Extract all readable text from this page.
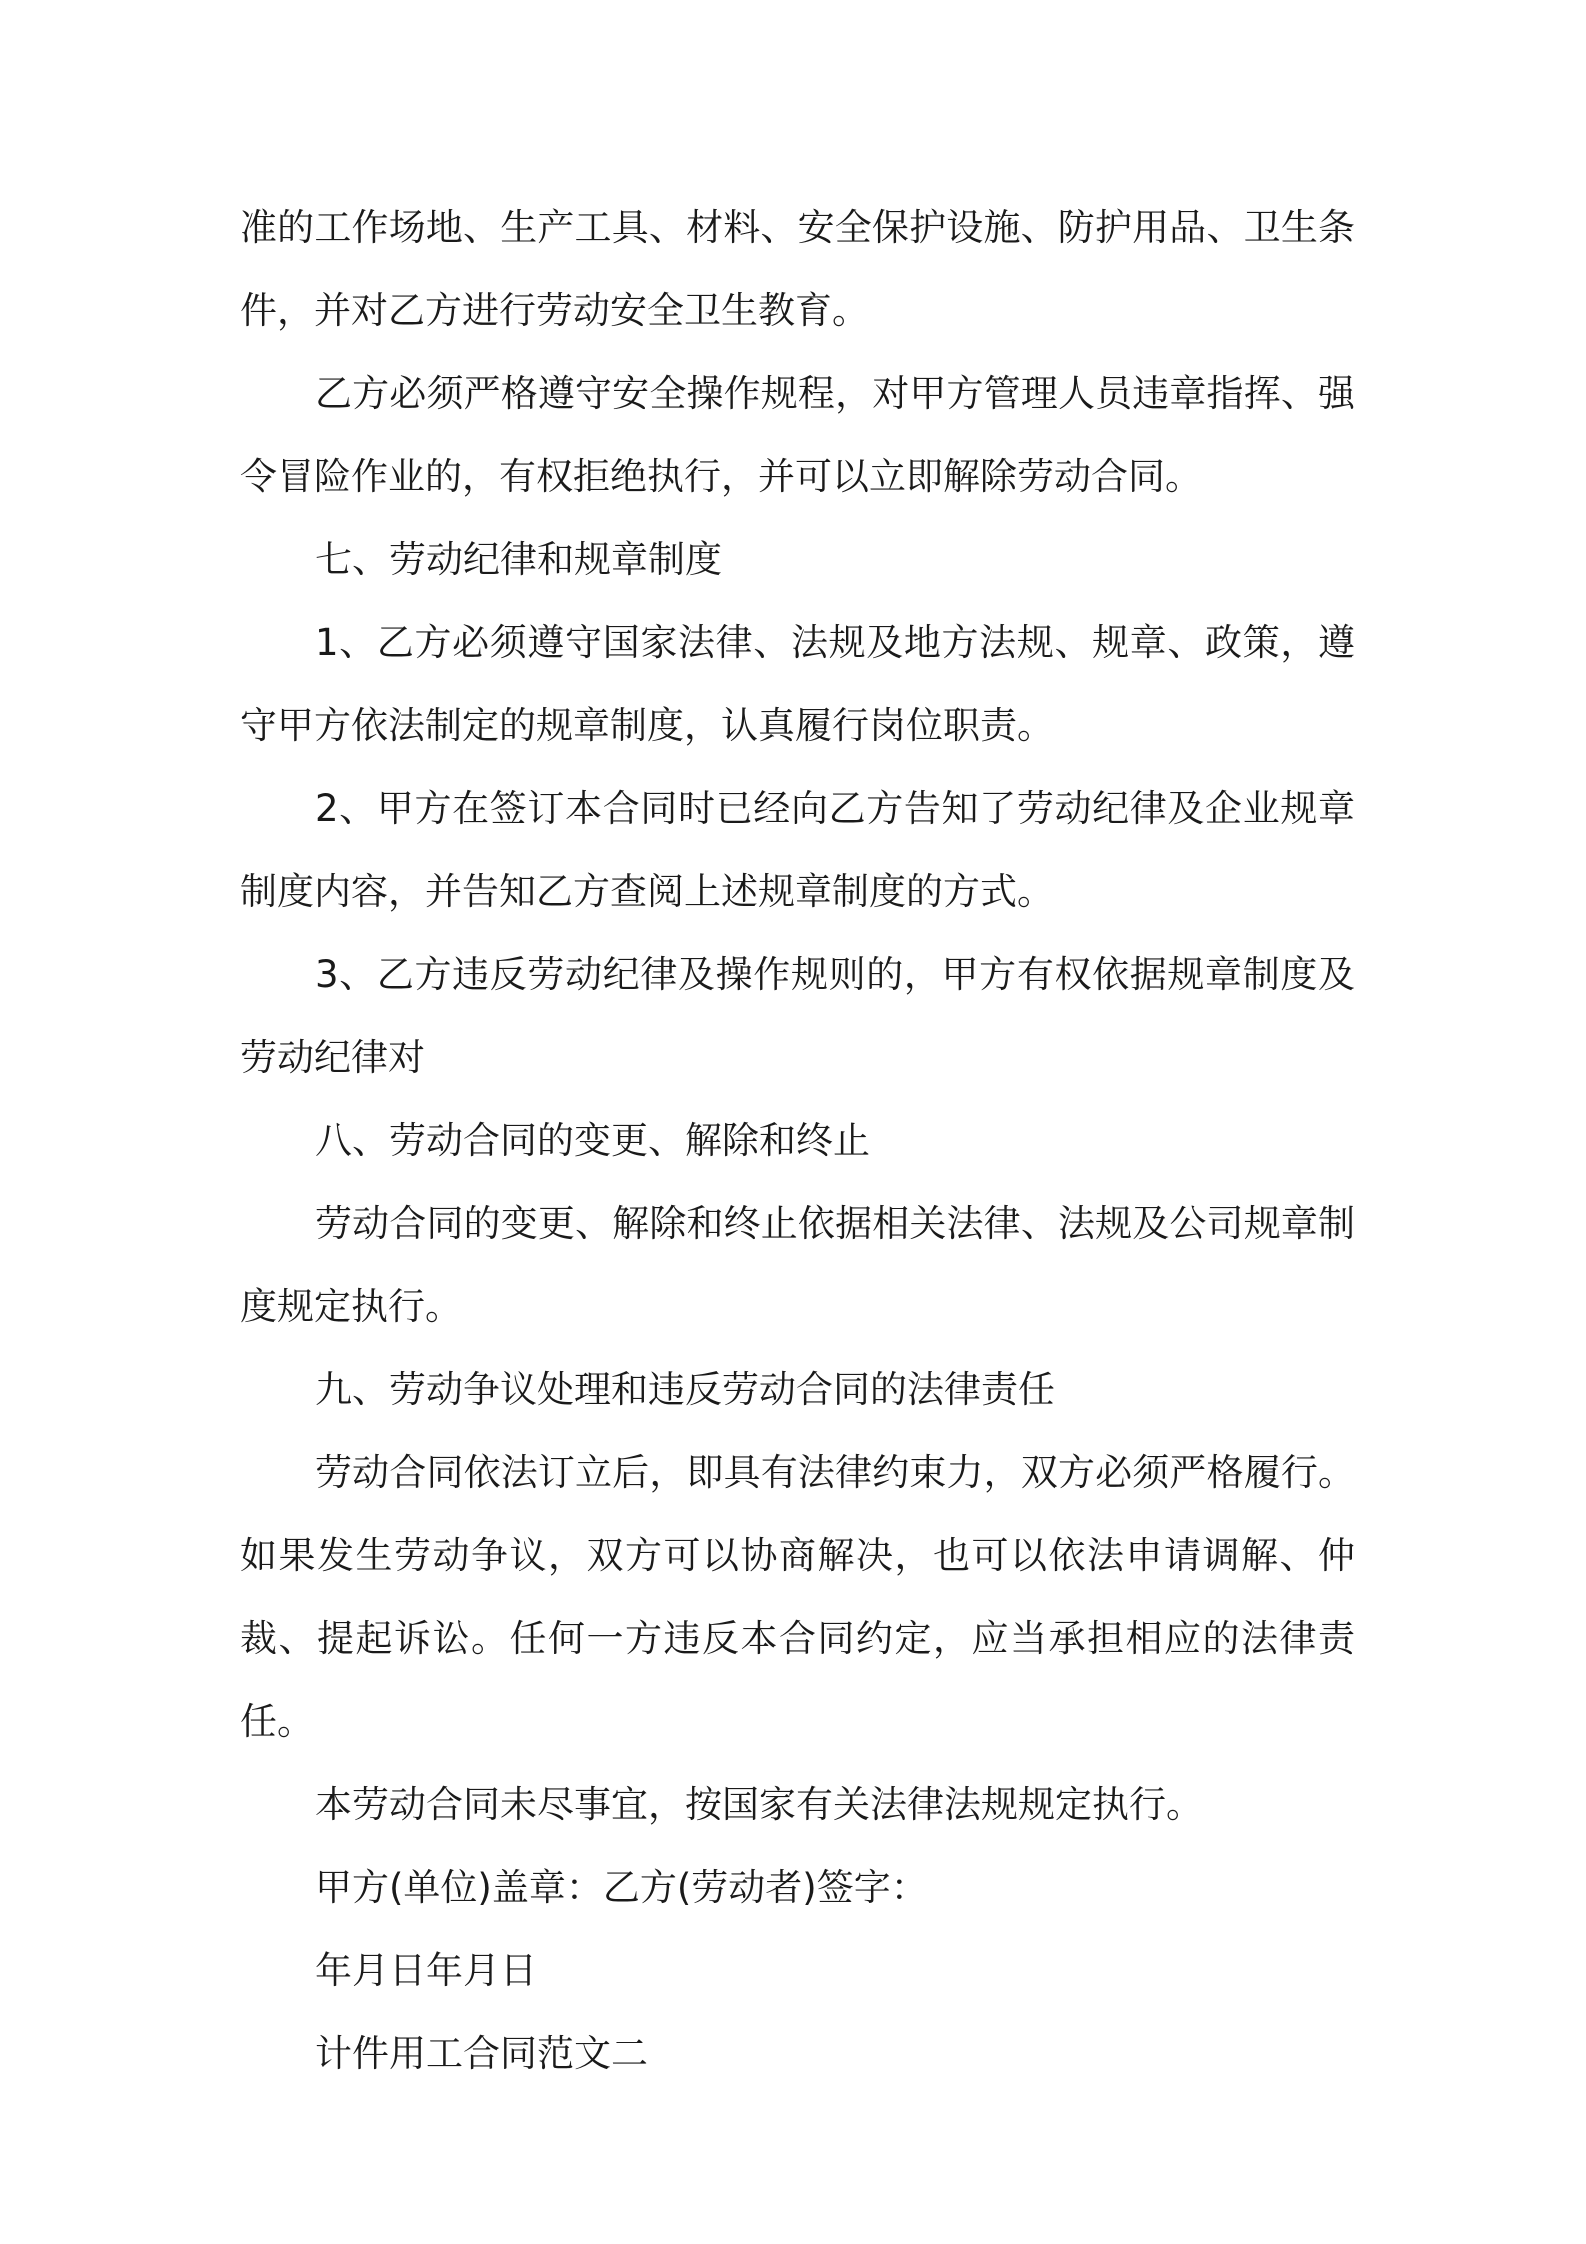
准的工作场地、生产工具、材料、安全保护设施、防护用品、卫生条件，并对乙方进行劳动安全卫生教育。

乙方必须严格遵守安全操作规程，对甲方管理人员违章指挥、强令冒险作业的，有权拒绝执行，并可以立即解除劳动合同。

七、劳动纪律和规章制度

1、乙方必须遵守国家法律、法规及地方法规、规章、政策，遵守甲方依法制定的规章制度，认真履行岗位职责。

2、甲方在签订本合同时已经向乙方告知了劳动纪律及企业规章制度内容，并告知乙方查阅上述规章制度的方式。

3、乙方违反劳动纪律及操作规则的，甲方有权依据规章制度及劳动纪律对

八、劳动合同的变更、解除和终止

劳动合同的变更、解除和终止依据相关法律、法规及公司规章制度规定执行。

九、劳动争议处理和违反劳动合同的法律责任

劳动合同依法订立后，即具有法律约束力，双方必须严格履行。如果发生劳动争议，双方可以协商解决，也可以依法申请调解、仲裁、提起诉讼。任何一方违反本合同约定，应当承担相应的法律责任。

本劳动合同未尽事宜，按国家有关法律法规规定执行。

甲方(单位)盖章：乙方(劳动者)签字：

年月日年月日

计件用工合同范文二
